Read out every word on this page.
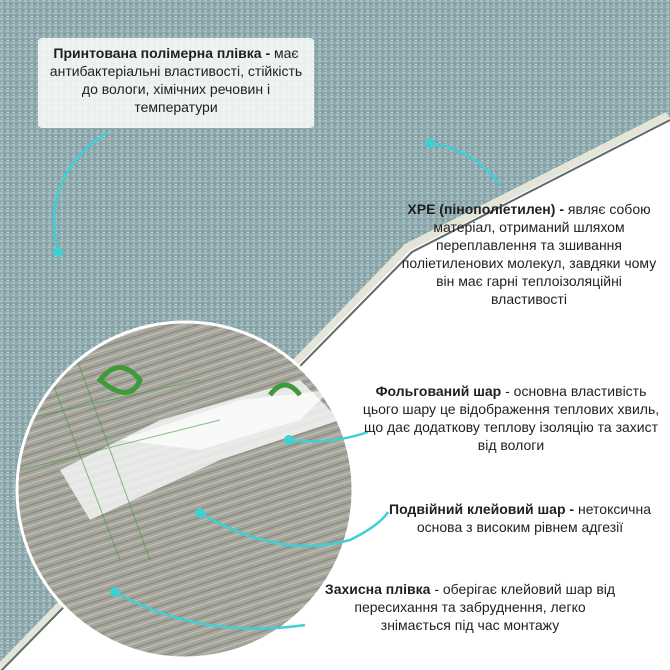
Принтована полімерна плівка - має антибактеріальні властивості, стійкість до вологи, хімічних речовин і температури
ХРЕ (пінополіетилен) - являє собою матеріал, отриманий шляхом переплавлення та зшивання поліетиленових молекул, завдяки чому він має гарні теплоізоляційні властивості
Фольгований шар - основна властивість цього шару це відображення теплових хвиль, що дає додаткову теплову ізоляцію та захист від вологи
Подвійний клейовий шар - нетоксична основа з високим рівнем адгезії
Захисна плівка - оберігає клейовий шар від пересихання та забруднення, легко знімається під час монтажу
